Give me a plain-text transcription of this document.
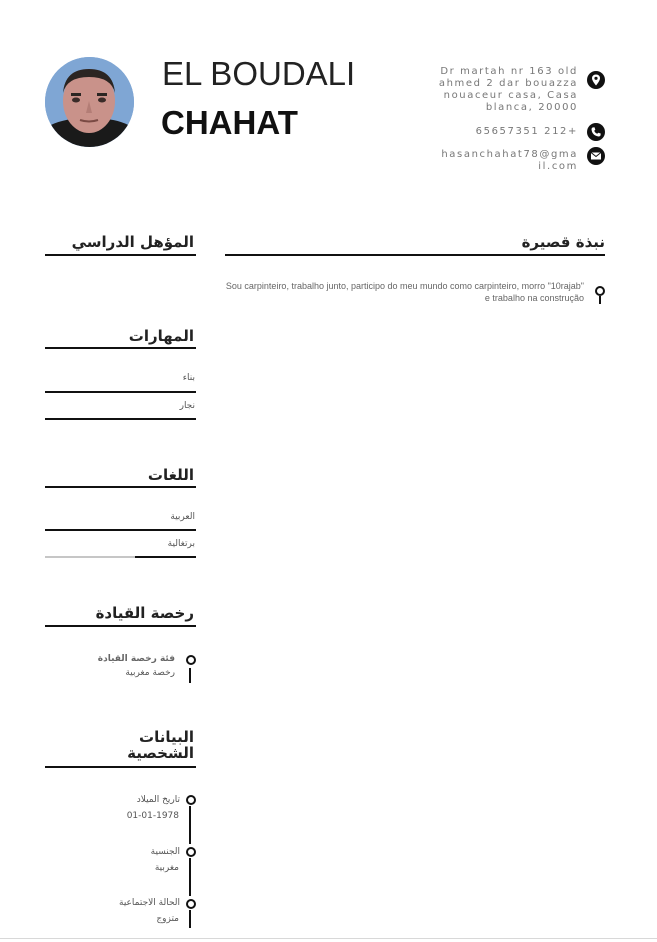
EL BOUDALI
CHAHAT
Dr martah nr 163 old ahmed 2 dar bouazza nouaceur casa, Casa blanca, 20000
65657351 212+
hasanchahat78@gmail.com
نبذة قصيرة
Sou carpinteiro, trabalho junto, participo do meu mundo como carpinteiro, morro "10rajab" e trabalho na construção
المؤهل الدراسي
المهارات
بناء
نجار
اللغات
العربية
برتغالية
رخصة القيادة
فئة رخصة القيادة
رخصة مغربية
البيانات الشخصية
تاريخ الميلاد
01-01-1978
الجنسية
مغربية
الحالة الاجتماعية
متزوج
